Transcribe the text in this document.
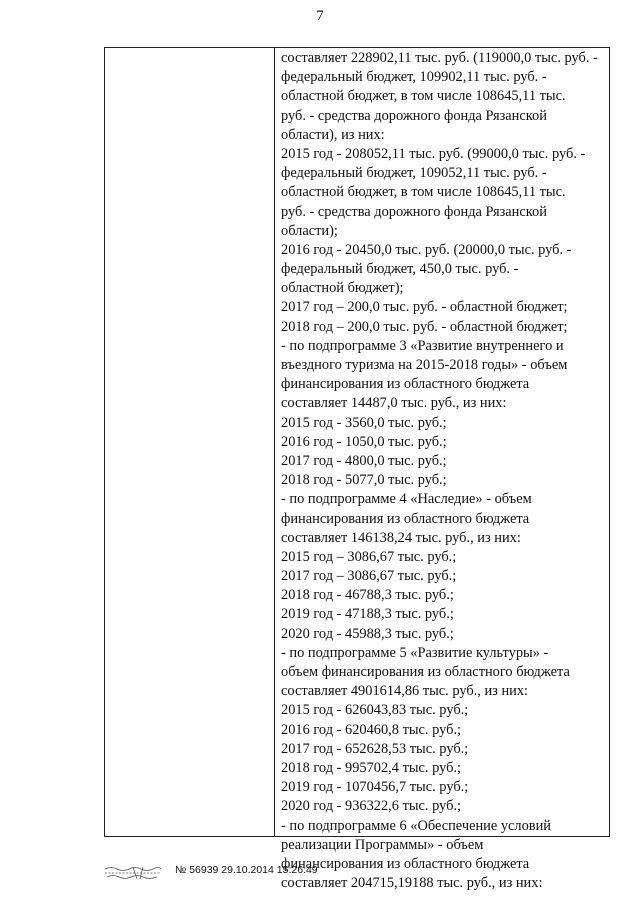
7
составляет 228902,11 тыс. руб. (119000,0 тыс. руб. -
федеральный бюджет, 109902,11 тыс. руб. -
областной бюджет, в том числе 108645,11 тыс.
руб. - средства дорожного фонда Рязанской
области), из них:
2015 год - 208052,11 тыс. руб. (99000,0 тыс. руб. -
федеральный бюджет, 109052,11 тыс. руб. -
областной бюджет, в том числе 108645,11 тыс.
руб. - средства дорожного фонда Рязанской
области);
2016 год - 20450,0 тыс. руб. (20000,0 тыс. руб. -
федеральный бюджет, 450,0 тыс. руб. -
областной бюджет);
2017 год – 200,0 тыс. руб. - областной бюджет;
2018 год – 200,0 тыс. руб. - областной бюджет;
- по подпрограмме 3 «Развитие внутреннего и
въездного туризма на 2015-2018 годы» - объем
финансирования из областного бюджета
составляет 14487,0 тыс. руб., из них:
2015 год - 3560,0 тыс. руб.;
2016 год - 1050,0 тыс. руб.;
2017 год - 4800,0 тыс. руб.;
2018 год - 5077,0 тыс. руб.;
- по подпрограмме 4 «Наследие» - объем
финансирования из областного бюджета
составляет 146138,24 тыс. руб., из них:
2015 год – 3086,67 тыс. руб.;
2017 год – 3086,67 тыс. руб.;
2018 год - 46788,3 тыс. руб.;
2019 год - 47188,3 тыс. руб.;
2020 год - 45988,3 тыс. руб.;
- по подпрограмме 5 «Развитие культуры» -
объем финансирования из областного бюджета
составляет 4901614,86 тыс. руб., из них:
2015 год - 626043,83 тыс. руб.;
2016 год - 620460,8 тыс. руб.;
2017 год - 652628,53 тыс. руб.;
2018 год - 995702,4 тыс. руб.;
2019 год - 1070456,7 тыс. руб.;
2020 год - 936322,6 тыс. руб.;
- по подпрограмме 6 «Обеспечение условий
реализации Программы» - объем
финансирования из областного бюджета
составляет 204715,19188 тыс. руб., из них:
№ 56939 29.10.2014 15:26:49
